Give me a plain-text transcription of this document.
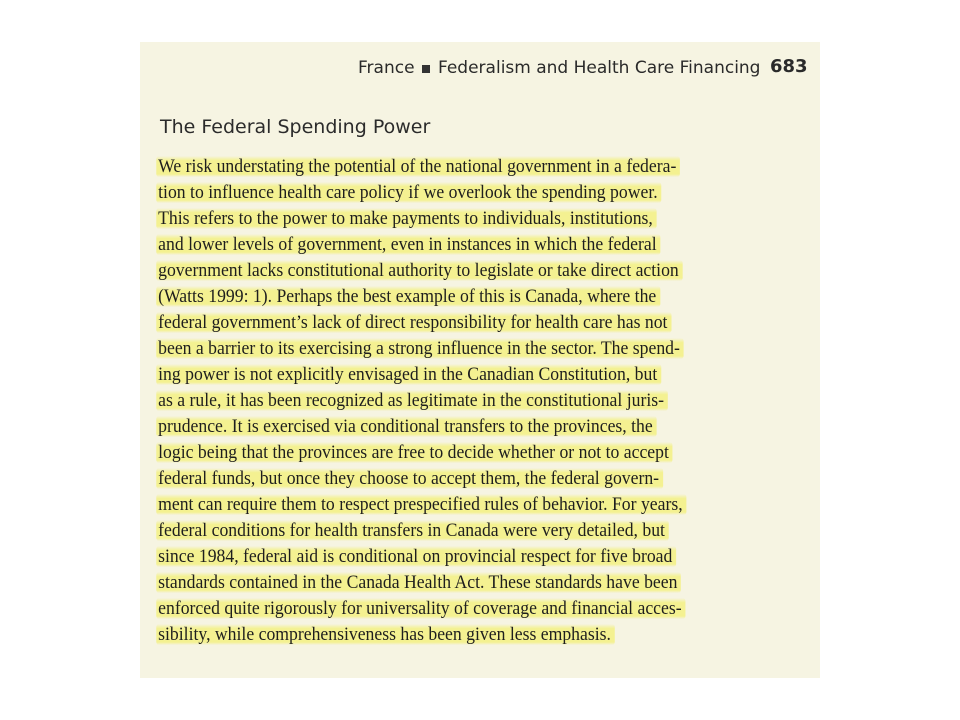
France Federalism and Health Care Financing 683
The Federal Spending Power
We risk understating the potential of the national government in a federa-
tion to influence health care policy if we overlook the spending power.
This refers to the power to make payments to individuals, institutions,
and lower levels of government, even in instances in which the federal
government lacks constitutional authority to legislate or take direct action
(Watts 1999: 1). Perhaps the best example of this is Canada, where the
federal government’s lack of direct responsibility for health care has not
been a barrier to its exercising a strong influence in the sector. The spend-
ing power is not explicitly envisaged in the Canadian Constitution, but
as a rule, it has been recognized as legitimate in the constitutional juris-
prudence. It is exercised via conditional transfers to the provinces, the
logic being that the provinces are free to decide whether or not to accept
federal funds, but once they choose to accept them, the federal govern-
ment can require them to respect prespecified rules of behavior. For years,
federal conditions for health transfers in Canada were very detailed, but
since 1984, federal aid is conditional on provincial respect for five broad
standards contained in the Canada Health Act. These standards have been
enforced quite rigorously for universality of coverage and financial acces-
sibility, while comprehensiveness has been given less emphasis.
